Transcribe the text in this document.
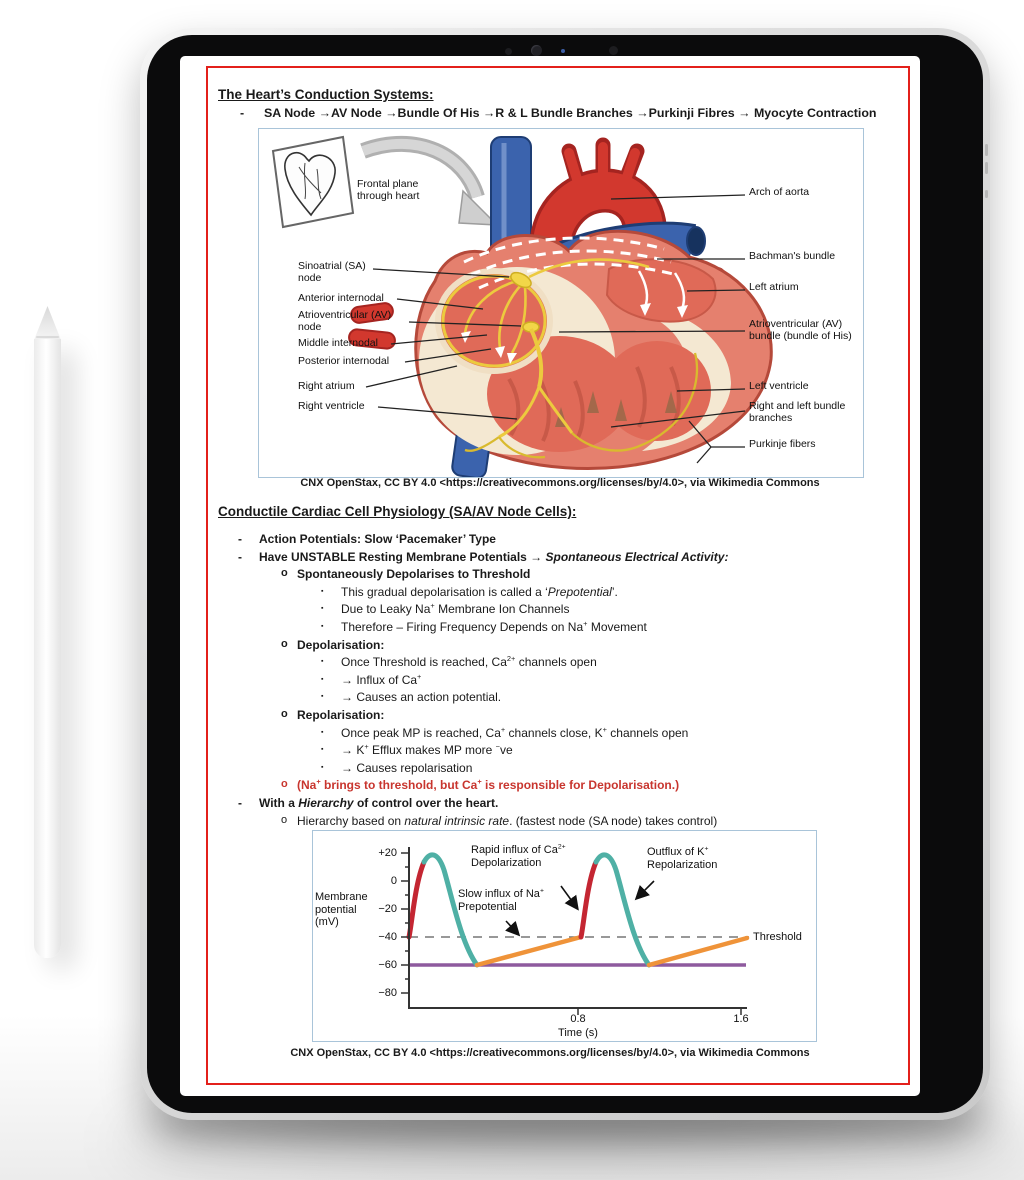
The Heart’s Conduction Systems:
- SA Node →AV Node →Bundle Of His →R & L Bundle Branches →Purkinji Fibres → Myocyte Contraction
Frontal plane
through heart
Sinoatrial (SA) node
Anterior internodal
Atrioventricular (AV) node
Middle internodal
Posterior internodal
Right atrium
Right ventricle
Arch of aorta
Bachman's bundle
Left atrium
Atrioventricular (AV) bundle (bundle of His)
Left ventricle
Right and left bundle branches
Purkinje fibers
CNX OpenStax, CC BY 4.0 <https://creativecommons.org/licenses/by/4.0>, via Wikimedia Commons
Conductile Cardiac Cell Physiology (SA/AV Node Cells):
- Action Potentials: Slow ‘Pacemaker’ Type
- Have UNSTABLE Resting Membrane Potentials → Spontaneous Electrical Activity:
o Spontaneously Depolarises to Threshold
▪ This gradual depolarisation is called a ‘Prepotential’.
▪ Due to Leaky Na+ Membrane Ion Channels
▪ Therefore – Firing Frequency Depends on Na+ Movement
o Depolarisation:
▪ Once Threshold is reached, $Ca^{2+}$ channels open
▪ → Influx of Ca+
▪ → Causes an action potential.
o Repolarisation:
▪ Once peak MP is reached, Ca+ channels close, K+ channels open
▪ → K+ Efflux makes MP more −ve
▪ → Causes repolarisation
o (Na+ brings to threshold, but Ca+ is responsible for Depolarisation.)
- With a Hierarchy of control over the heart.
o Hierarchy based on natural intrinsic rate. (fastest node (SA node) takes control)
Membrane potential (mV)
+20
0
−20
−40
−60
−80
0.8	1.6
Time (s)
Threshold
Rapid influx of $Ca^{2+}$
Depolarization
Slow influx of Na+
Prepotential
Outflux of K+
Repolarization
CNX OpenStax, CC BY 4.0 <https://creativecommons.org/licenses/by/4.0>, via Wikimedia Commons
